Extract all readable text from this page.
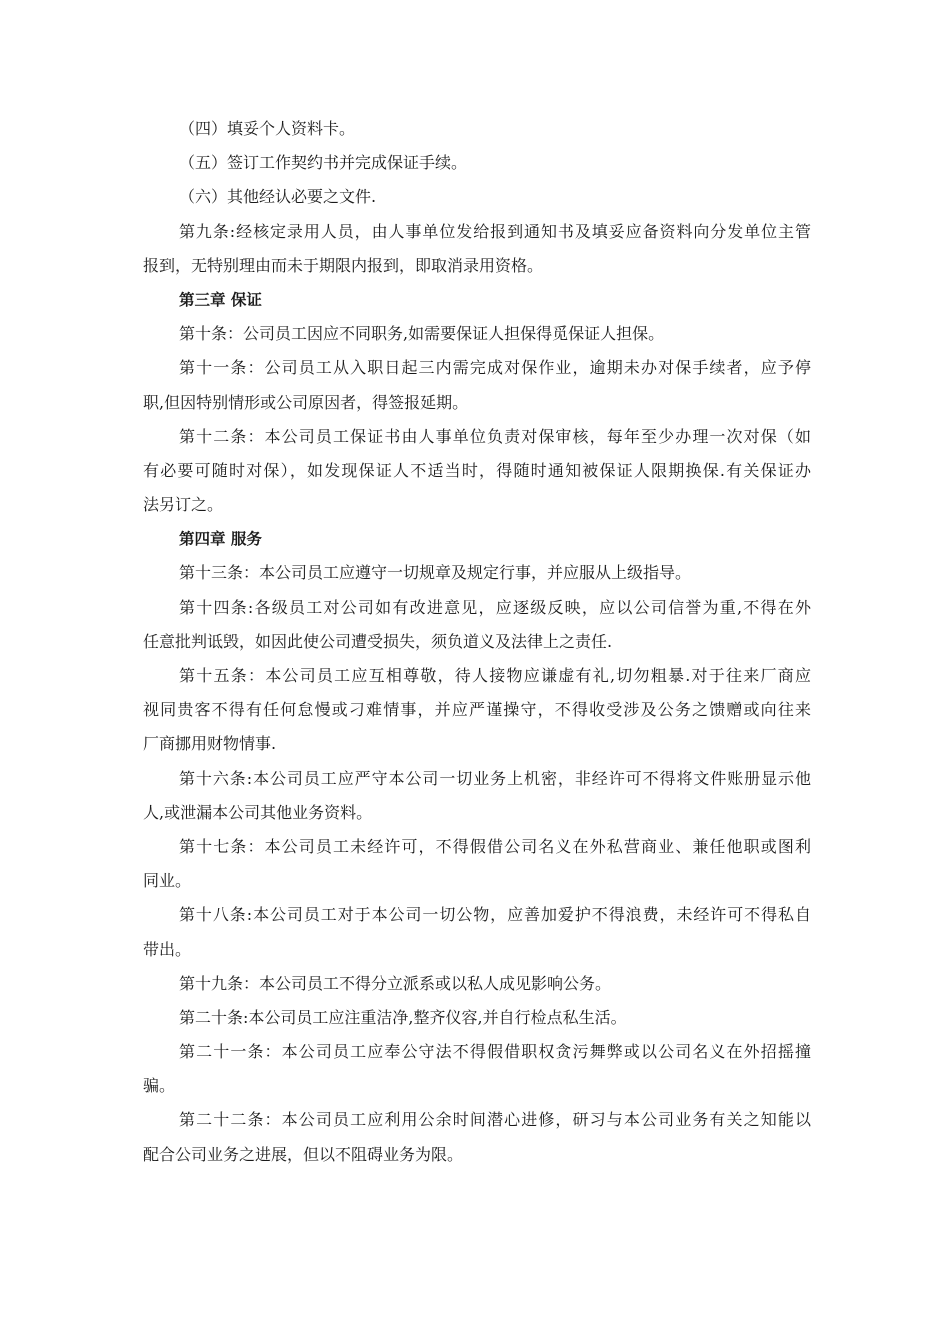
（四）填妥个人资料卡。
（五）签订工作契约书并完成保证手续。
（六）其他经认必要之文件.
第九条:经核定录用人员，由人事单位发给报到通知书及填妥应备资料向分发单位主管
报到，无特别理由而未于期限内报到，即取消录用资格。
第三章 保证
第十条：公司员工因应不同职务,如需要保证人担保得觅保证人担保。
第十一条：公司员工从入职日起三内需完成对保作业，逾期未办对保手续者，应予停
职,但因特别情形或公司原因者，得签报延期。
第十二条：本公司员工保证书由人事单位负责对保审核，每年至少办理一次对保（如
有必要可随时对保），如发现保证人不适当时，得随时通知被保证人限期换保.有关保证办
法另订之。
第四章 服务
第十三条：本公司员工应遵守一切规章及规定行事，并应服从上级指导。
第十四条:各级员工对公司如有改进意见，应逐级反映，应以公司信誉为重,不得在外
任意批判诋毁，如因此使公司遭受损失，须负道义及法律上之责任.
第十五条：本公司员工应互相尊敬，待人接物应谦虚有礼,切勿粗暴.对于往来厂商应
视同贵客不得有任何怠慢或刁难情事，并应严谨操守，不得收受涉及公务之馈赠或向往来
厂商挪用财物情事.
第十六条:本公司员工应严守本公司一切业务上机密，非经许可不得将文件账册显示他
人,或泄漏本公司其他业务资料。
第十七条：本公司员工未经许可，不得假借公司名义在外私营商业、兼任他职或图利
同业。
第十八条:本公司员工对于本公司一切公物，应善加爱护不得浪费，未经许可不得私自
带出。
第十九条：本公司员工不得分立派系或以私人成见影响公务。
第二十条:本公司员工应注重洁净,整齐仪容,并自行检点私生活。
第二十一条：本公司员工应奉公守法不得假借职权贪污舞弊或以公司名义在外招摇撞
骗。
第二十二条：本公司员工应利用公余时间潜心进修，研习与本公司业务有关之知能以
配合公司业务之进展，但以不阻碍业务为限。
